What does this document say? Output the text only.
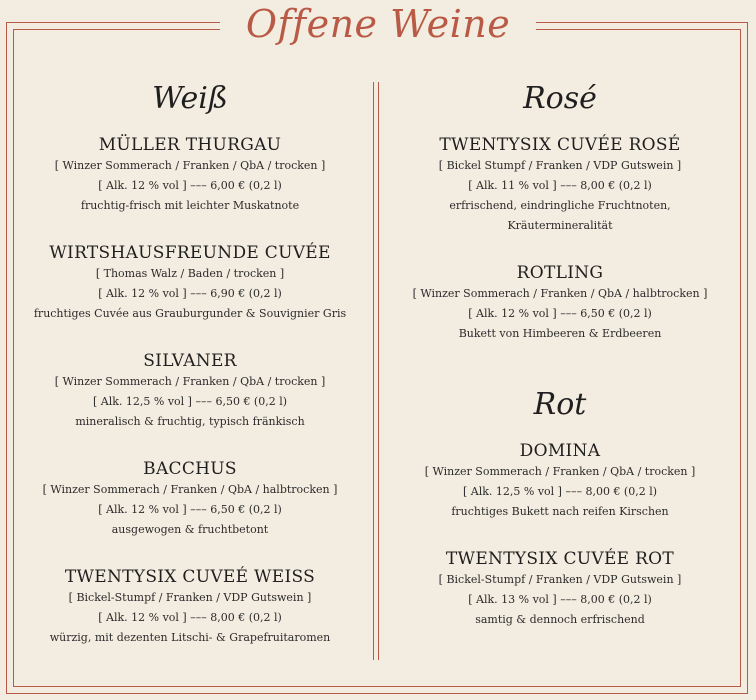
Offene Weine
Weiß
MÜLLER THURGAU
[ Winzer Sommerach / Franken / QbA / trocken ]
[ Alk. 12 % vol ] ––– 6,00 € (0,2 l)
fruchtig-frisch mit leichter Muskatnote
WIRTSHAUSFREUNDE CUVÉE
[ Thomas Walz / Baden / trocken ]
[ Alk. 12 % vol ] ––– 6,90 € (0,2 l)
fruchtiges Cuvée aus Grauburgunder & Souvignier Gris
SILVANER
[ Winzer Sommerach / Franken / QbA / trocken ]
[ Alk. 12,5 % vol ] ––– 6,50 € (0,2 l)
mineralisch & fruchtig, typisch fränkisch
BACCHUS
[ Winzer Sommerach / Franken / QbA / halbtrocken ]
[ Alk. 12 % vol ] ––– 6,50 € (0,2 l)
ausgewogen & fruchtbetont
TWENTYSIX CUVEÉ WEISS
[ Bickel-Stumpf / Franken / VDP Gutswein ]
[ Alk. 12 % vol ] ––– 8,00 € (0,2 l)
würzig, mit dezenten Litschi- & Grapefruitaromen
Rosé
TWENTYSIX CUVÉE ROSÉ
[ Bickel Stumpf / Franken / VDP Gutswein ]
[ Alk. 11 % vol ] ––– 8,00 € (0,2 l)
erfrischend, eindringliche Fruchtnoten,
Kräutermineralität
ROTLING
[ Winzer Sommerach / Franken / QbA / halbtrocken ]
[ Alk. 12 % vol ] ––– 6,50 € (0,2 l)
Bukett von Himbeeren & Erdbeeren
Rot
DOMINA
[ Winzer Sommerach / Franken / QbA / trocken ]
[ Alk. 12,5 % vol ] ––– 8,00 € (0,2 l)
fruchtiges Bukett nach reifen Kirschen
TWENTYSIX CUVÉE ROT
[ Bickel-Stumpf / Franken / VDP Gutswein ]
[ Alk. 13 % vol ] ––– 8,00 € (0,2 l)
samtig & dennoch erfrischend
